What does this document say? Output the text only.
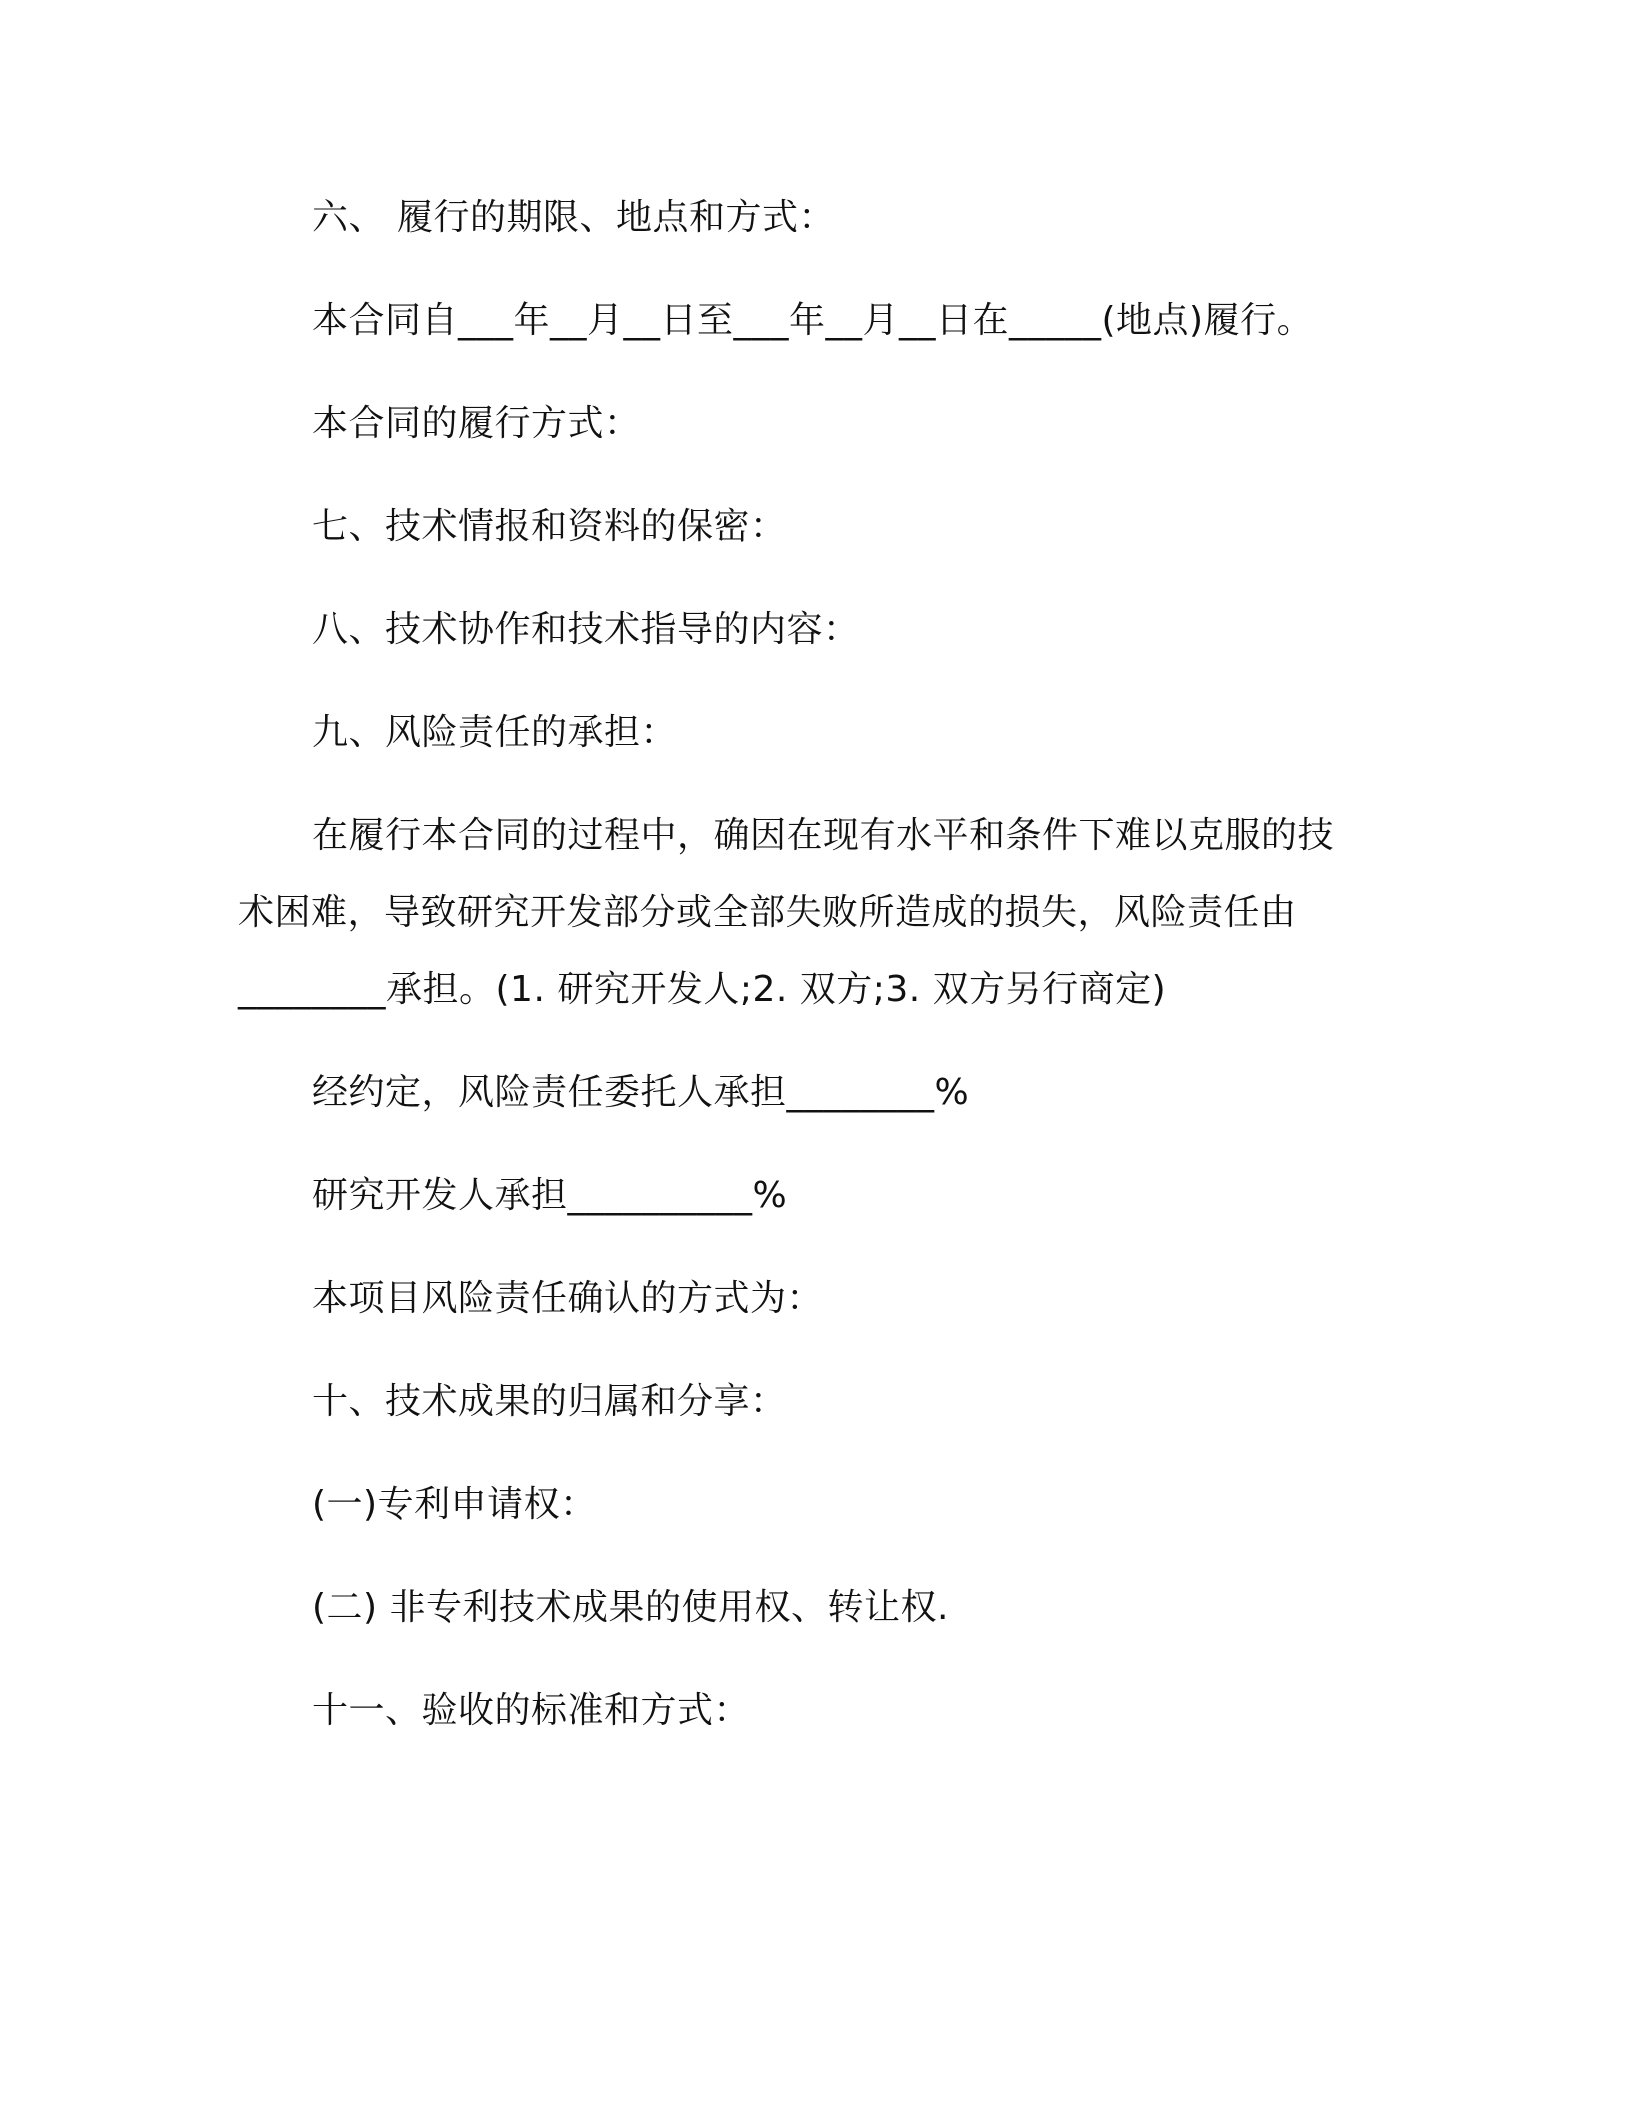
六、 履行的期限、地点和方式：
本合同自___年__月__日至___年__月__日在_____(地点)履行。
本合同的履行方式：
七、技术情报和资料的保密：
八、技术协作和技术指导的内容：
九、风险责任的承担：
在履行本合同的过程中，确因在现有水平和条件下难以克服的技
术困难，导致研究开发部分或全部失败所造成的损失，风险责任由
________承担。(1. 研究开发人;2. 双方;3. 双方另行商定)
经约定，风险责任委托人承担________%
研究开发人承担__________%
本项目风险责任确认的方式为：
十、技术成果的归属和分享：
(一)专利申请权：
(二) 非专利技术成果的使用权、转让权.
十一、验收的标准和方式：
